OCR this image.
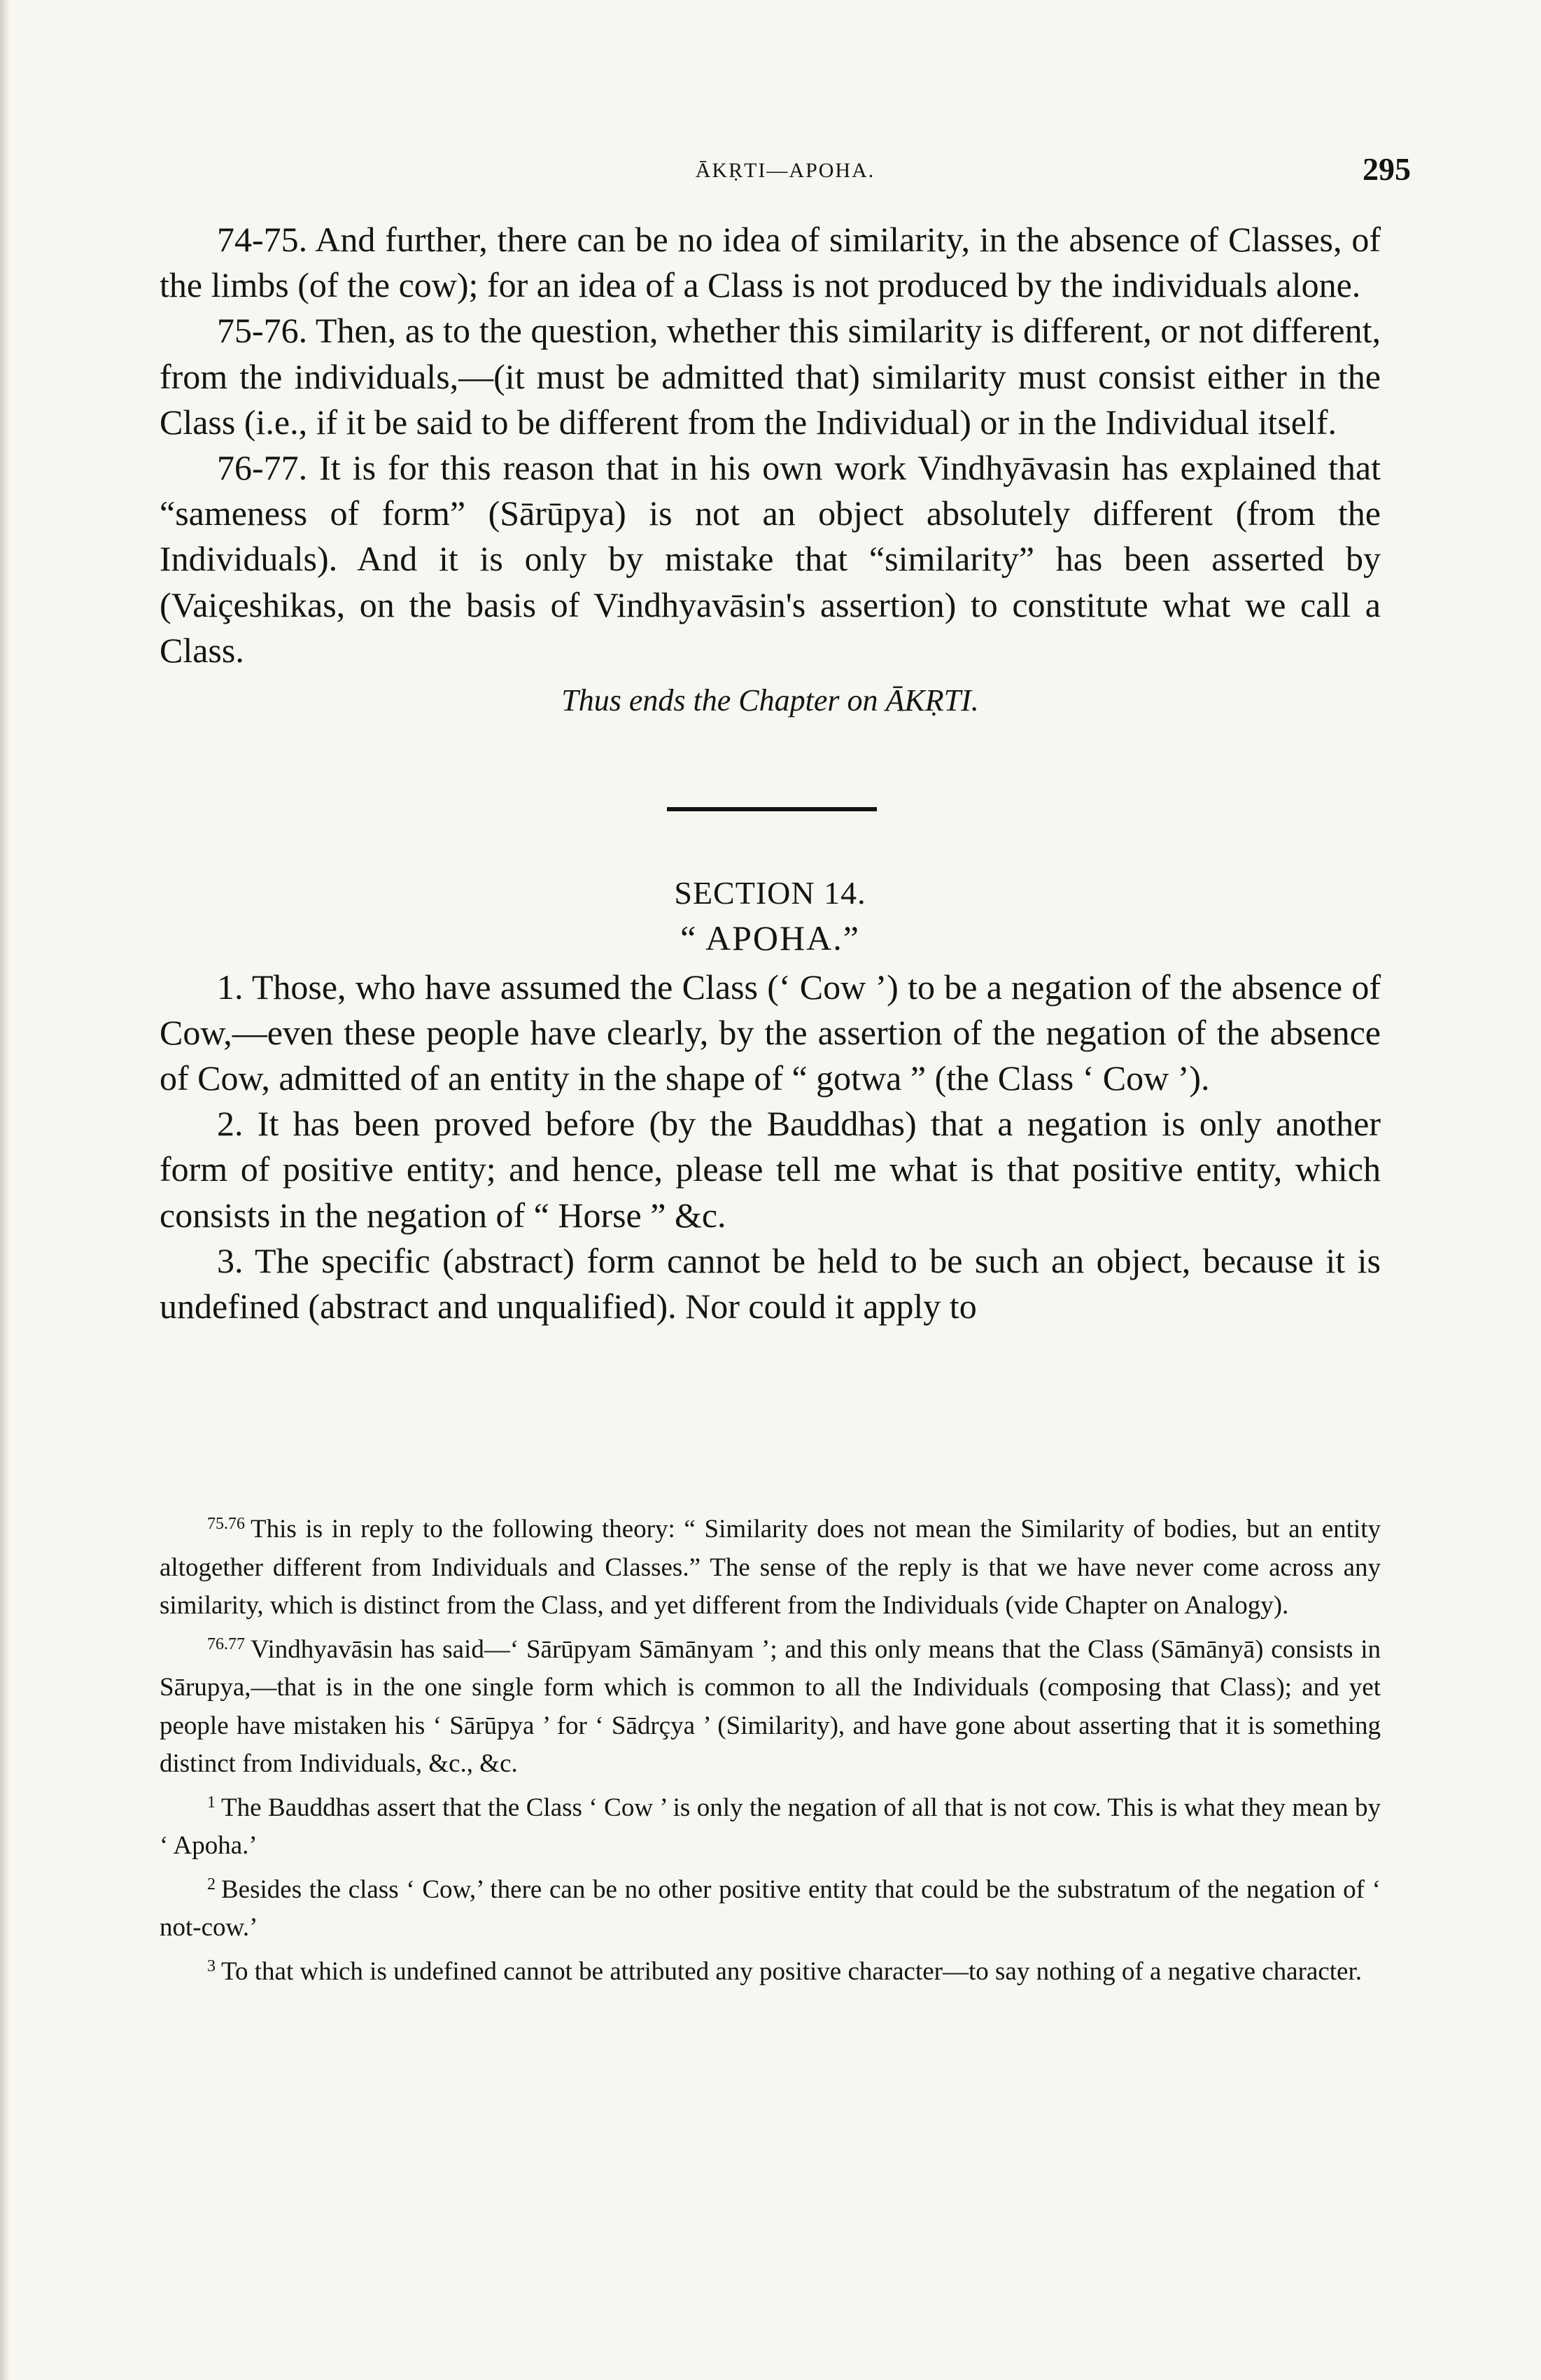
ĀKṚTI—APOHA.	295

74-75. And further, there can be no idea of similarity, in the absence of Classes, of the limbs (of the cow); for an idea of a Class is not produced by the individuals alone.

75-76. Then, as to the question, whether this similarity is different, or not different, from the individuals,—(it must be admitted that) similarity must consist either in the Class (i.e., if it be said to be different from the Individual) or in the Individual itself.

76-77. It is for this reason that in his own work Vindhyāvasin has explained that “sameness of form” (Sārūpya) is not an object absolutely different (from the Individuals). And it is only by mistake that “similarity” has been asserted by (Vaiçeshikas, on the basis of Vindhyavāsin's assertion) to constitute what we call a Class.

Thus ends the Chapter on ĀKṚTI.

SECTION 14.

“ APOHA.”

1. Those, who have assumed the Class (‘ Cow ’) to be a negation of the absence of Cow,—even these people have clearly, by the assertion of the negation of the absence of Cow, admitted of an entity in the shape of “ gotwa ” (the Class ‘ Cow ’).

2. It has been proved before (by the Bauddhas) that a negation is only another form of positive entity; and hence, please tell me what is that positive entity, which consists in the negation of “ Horse ” &c.

3. The specific (abstract) form cannot be held to be such an object, because it is undefined (abstract and unqualified). Nor could it apply to

$^{75.76}$ This is in reply to the following theory: “ Similarity does not mean the Similarity of bodies, but an entity altogether different from Individuals and Classes.” The sense of the reply is that we have never come across any similarity, which is distinct from the Class, and yet different from the Individuals (vide Chapter on Analogy).

$^{76.77}$ Vindhyavāsin has said—‘ Sārūpyam Sāmānyam ’; and this only means that the Class (Sāmānyā) consists in Sārupya,—that is in the one single form which is common to all the Individuals (composing that Class); and yet people have mistaken his ‘ Sārūpya ’ for ‘ Sādrçya ’ (Similarity), and have gone about asserting that it is something distinct from Individuals, &c., &c.

$^1$ The Bauddhas assert that the Class ‘ Cow ’ is only the negation of all that is not cow. This is what they mean by ‘ Apoha.’

$^2$ Besides the class ‘ Cow,’ there can be no other positive entity that could be the substratum of the negation of ‘ not-cow.’

$^3$ To that which is undefined cannot be attributed any positive character—to say nothing of a negative character.
